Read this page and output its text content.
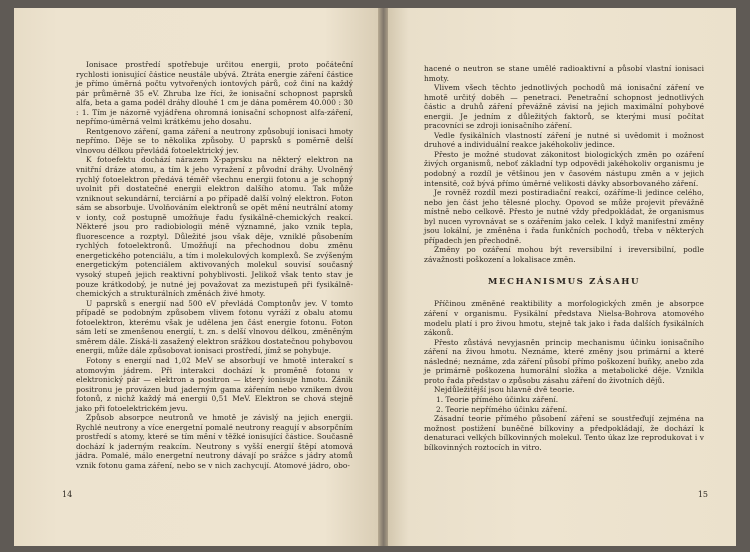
Ionisace prostředí spotřebuje určitou energii, proto počáteční rychlosti ionisující částice neustále ubývá. Ztráta energie záření částice je přímo úměrná počtu vytvořených iontových párů, což činí na každý pár průměrně 35 eV. Zhruba lze říci, že ionisační schopnost paprsků alfa, beta a gama podél dráhy dlouhé 1 cm je dána poměrem 40.000 : 30 : 1. Tím je názorně vyjádřena ohromná ionisační schopnost alfa-záření, nepřímo-úměrná velmi krátkému jeho dosahu.

Rentgenovo záření, gama záření a neutrony způsobují ionisaci hmoty nepřímo. Děje se to několika způsoby. U paprsků s poměrně delší vlnovou délkou převládá fotoelektrický jev.

K fotoefektu dochází nárazem X-paprsku na některý elektron na vnitřní dráze atomu, a tím k jeho vyražení z původní dráhy. Uvolněný rychlý fotoelektron předává téměř všechnu energii fotonu a je schopný uvolnit při dostatečné energii elektron dalšího atomu. Tak může vzniknout sekundární, terciární a po případě další volný elektron. Foton sám se absorbuje. Uvolňováním elektronů se opět mění neutrální atomy v ionty, což postupně umožňuje řadu fysikálně-chemických reakcí. Některé jsou pro radiobiologii méně významné, jako vznik tepla, fluorescence a rozptyl. Důležité jsou však děje, vzniklé působením rychlých fotoelektronů. Umožňují na přechodnou dobu změnu energetického potenciálu, a tím i molekulových komplexů. Se zvýšeným energetickým potenciálem aktivovaných molekul souvisí současný vysoký stupeň jejich reaktivní pohyblivosti. Jelikož však tento stav je pouze krátkodobý, je nutné jej považovat za mezistupeň při fysikálně-chemických a strukturálních změnách živé hmoty.

U paprsků s energií nad 500 eV převládá Comptonův jev. V tomto případě se podobným způsobem vlivem fotonu vyráží z obalu atomu fotoelektron, kterému však je udělena jen část energie fotonu. Foton sám letí se zmenšenou energií, t. zn. s delší vlnovou délkou, změněným směrem dále. Získá-li zasažený elektron srážkou dostatečnou pohybovou energii, může dále způsobovat ionisaci prostředí, jímž se pohybuje.

Fotony s energií nad 1,02 MeV se absorbují ve hmotě interakcí s atomovým jádrem. Při interakci dochází k proměně fotonu v elektronický pár — elektron a positron — který ionisuje hmotu. Zánik positronu je provázen bud jaderným gama zářením nebo vznikem dvou fotonů, z nichž každý má energii 0,51 MeV. Elektron se chová stejně jako při fotoelektrickém jevu.

Způsob absorpce neutronů ve hmotě je závislý na jejich energii. Rychlé neutrony a více energetní pomalé neutrony reagují v absorpčním prostředí s atomy, které se tím mění v těžké ionisující částice. Současně dochází k jaderným reakcím. Neutrony s vyšší energií štěpí atomová jádra. Pomalé, málo energetní neutrony dávají po srážce s jádry atomů vznik fotonu gama záření, nebo se v nich zachycují. Atomové jádro, obo-

14

hacené o neutron se stane umělé radioaktivní a působí vlastní ionisaci hmoty.

Vlivem všech těchto jednotlivých pochodů má ionisační záření ve hmotě určitý doběh — penetraci. Penetrační schopnost jednotlivých částic a druhů záření převážně závisí na jejich maximální pohybové energii. Je jedním z důležitých faktorů, se kterými musí počítat pracovníci se zdroji ionisačního záření.

Vedle fysikálních vlastností záření je nutné si uvědomit i možnost druhové a individuální reakce jakéhokoliv jedince.

Přesto je možné studovat zákonitost biologických změn po ozáření živých organismů, neboť základní typ odpovědi jakéhokoliv organismu je podobný a rozdíl je většinou jen v časovém nástupu změn a v jejich intensitě, což bývá přímo úměrné velikosti dávky absorbovaného záření.

Je rovněž rozdíl mezi postiradiační reakcí, ozáříme-li jedince celého, nebo jen část jeho tělesné plochy. Opovod se může projevit převážně místně nebo celkově. Přesto je nutné vždy předpokládat, že organismus byl nucen vyrovnávat se s ozářením jako celek. I když manifestní změny jsou lokální, je změněna i řada funkčních pochodů, třeba v některých případech jen přechodně.

Změny po ozáření mohou být reversibilní i ireversibilní, podle závažnosti poškození a lokalisace změn.

MECHANISMUS ZÁSAHU

Příčinou změněné reaktibility a morfologických změn je absorpce záření v organismu. Fysikální představa Nielsa-Bohrova atomového modelu platí i pro živou hmotu, stejně tak jako i řada dalších fysikálních zákonů.

Přesto zůstává nevyjasněn princip mechanismu účinku ionisačního záření na živou hmotu. Neznáme, které změny jsou primární a které následné; neznáme, zda záření působí přímo poškození buňky, anebo zda je primárně poškozena humorální složka a metabolické děje. Vznikla proto řada představ o způsobu zásahu záření do životních dějů.

Nejdůležitější jsou hlavně dvě teorie.

1. Teorie přímého účinku záření.
2. Teorie nepřímého účinku záření.

Zásadní teorie přímého působení záření se soustřeďují zejména na možnost postižení buněčné bílkoviny a předpokládají, že dochází k denaturaci velkých bílkovinných molekul. Tento úkaz lze reprodukovat i v bílkovinných roztocích in vitro.

15
